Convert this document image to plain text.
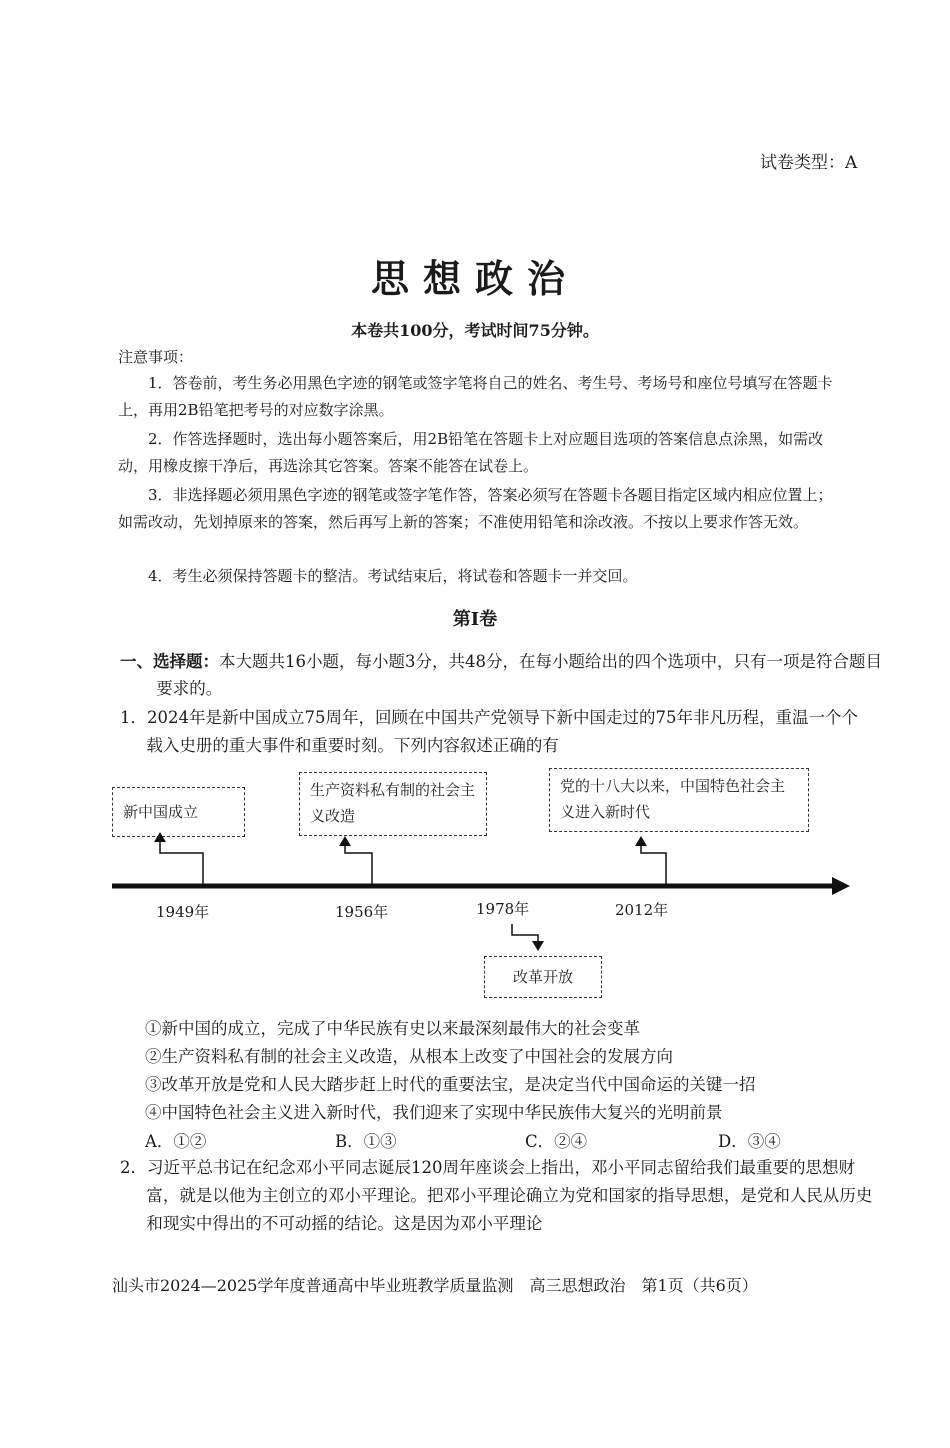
试卷类型：A
思想政治
本卷共100分，考试时间75分钟。
注意事项：
1．答卷前，考生务必用黑色字迹的钢笔或签字笔将自己的姓名、考生号、考场号和座位号填写在答题卡上，再用2B铅笔把考号的对应数字涂黑。
2．作答选择题时，选出每小题答案后，用2B铅笔在答题卡上对应题目选项的答案信息点涂黑，如需改动，用橡皮擦干净后，再选涂其它答案。答案不能答在试卷上。
3．非选择题必须用黑色字迹的钢笔或签字笔作答，答案必须写在答题卡各题目指定区域内相应位置上；如需改动，先划掉原来的答案，然后再写上新的答案；不准使用铅笔和涂改液。不按以上要求作答无效。
4．考生必须保持答题卡的整洁。考试结束后，将试卷和答题卡一并交回。
第Ⅰ卷
一、选择题：本大题共16小题，每小题3分，共48分，在每小题给出的四个选项中，只有一项是符合题目要求的。
1．2024年是新中国成立75周年，回顾在中国共产党领导下新中国走过的75年非凡历程，重温一个个载入史册的重大事件和重要时刻。下列内容叙述正确的有
1949年	1956年	1978年	2012年
新中国成立
生产资料私有制的社会主义改造
党的十八大以来，中国特色社会主义进入新时代
改革开放
①新中国的成立，完成了中华民族有史以来最深刻最伟大的社会变革
②生产资料私有制的社会主义改造，从根本上改变了中国社会的发展方向
③改革开放是党和人民大踏步赶上时代的重要法宝，是决定当代中国命运的关键一招
④中国特色社会主义进入新时代，我们迎来了实现中华民族伟大复兴的光明前景
A．①②	B．①③	C．②④	D．③④
2．习近平总书记在纪念邓小平同志诞辰120周年座谈会上指出，邓小平同志留给我们最重要的思想财富，就是以他为主创立的邓小平理论。把邓小平理论确立为党和国家的指导思想，是党和人民从历史和现实中得出的不可动摇的结论。这是因为邓小平理论
汕头市2024—2025学年度普通高中毕业班教学质量监测　高三思想政治　第1页（共6页）
